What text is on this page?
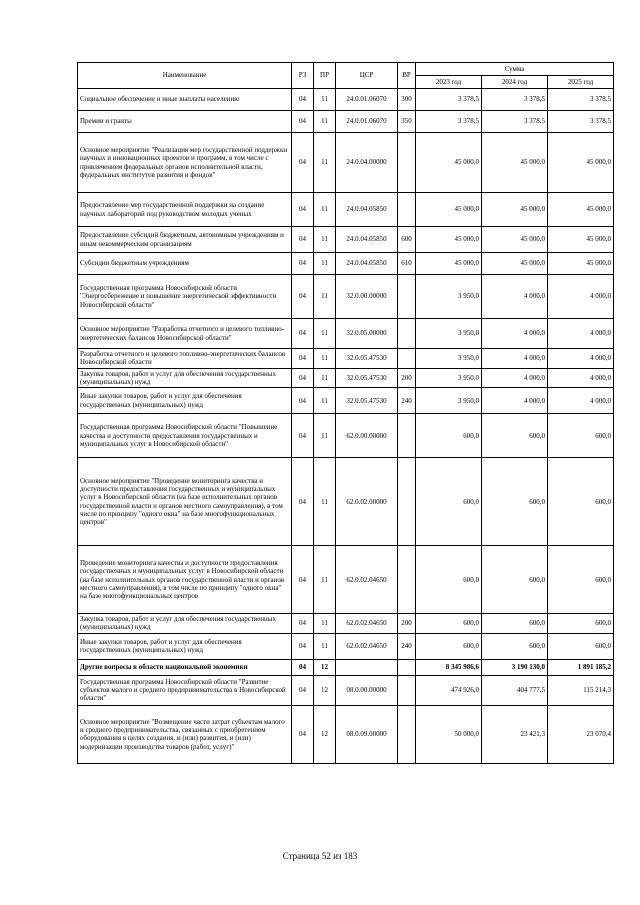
Наименование	РЗ	ПР	ЦСР	ВР	Сумма		
					2023 год	2024 год	2025 год
Социальное обеспечение и иные выплаты населению	04	11	24.0.01.06070	300	3 378,5	3 378,5	3 378,5
Премии и гранты	04	11	24.0.01.06070	350	3 378,5	3 378,5	3 378,5
Основное мероприятие "Реализация мер государственной поддержки научных и инновационных проектов и программ, в том числе с привлечением федеральных органов исполнительной власти, федеральных институтов развития и фондов"	04	11	24.0.04.00000		45 000,0	45 000,0	45 000,0
Предоставление мер государственной поддержки на создание научных лабораторий под руководством молодых ученых	04	11	24.0.04.05850		45 000,0	45 000,0	45 000,0
Предоставление субсидий бюджетным, автономным учреждениям и иным некоммерческим организациям	04	11	24.0.04.05850	600	45 000,0	45 000,0	45 000,0
Субсидии бюджетным учреждениям	04	11	24.0.04.05850	610	45 000,0	45 000,0	45 000,0
Государственная программа Новосибирской области "Энергосбережение и повышение энергетической эффективности Новосибирской области"	04	11	32.0.00.00000		3 950,0	4 000,0	4 000,0
Основное мероприятие "Разработка отчетного и целевого топливно-энергетических балансов Новосибирской области"	04	11	32.0.05.00000		3 950,0	4 000,0	4 000,0
Разработка отчетного и целевого топливно-энергетических балансов Новосибирской области	04	11	32.0.05.47530		3 950,0	4 000,0	4 000,0
Закупка товаров, работ и услуг для обеспечения государственных (муниципальных) нужд	04	11	32.0.05.47530	200	3 950,0	4 000,0	4 000,0
Иные закупки товаров, работ и услуг для обеспечения государственных (муниципальных) нужд	04	11	32.0.05.47530	240	3 950,0	4 000,0	4 000,0
Государственная программа Новосибирской области "Повышение качества и доступности предоставления государственных и муниципальных услуг в Новосибирской области"	04	11	62.0.00.00000		600,0	600,0	600,0
Основное мероприятие "Проведение мониторинга качества и доступности предоставления государственных и муниципальных услуг в Новосибирской области (на базе исполнительных органов государственной власти и органов местного самоуправления), в том числе по принципу "одного окна" на базе многофункциональных центров"	04	11	62.0.02.00000		600,0	600,0	600,0
Проведение мониторинга качества и доступности предоставления государственных и муниципальных услуг в Новосибирской области (на базе исполнительных органов государственной власти и органов местного самоуправления), в том числе по принципу "одного окна" на базе многофункциональных центров	04	11	62.0.02.04650		600,0	600,0	600,0
Закупка товаров, работ и услуг для обеспечения государственных (муниципальных) нужд	04	11	62.0.02.04650	200	600,0	600,0	600,0
Иные закупки товаров, работ и услуг для обеспечения государственных (муниципальных) нужд	04	11	62.0.02.04650	240	600,0	600,0	600,0
Другие вопросы в области национальной экономики	04	12			8 345 986,6	3 190 130,0	1 891 185,2
Государственная программа Новосибирской области "Развитие субъектов малого и среднего предпринимательства в Новосибирской области"	04	12	08.0.00.00000		474 926,0	404 777,5	115 214,3
Основное мероприятие "Возмещение части затрат субъектам малого и среднего предпринимательства, связанных с приобретением оборудования в целях создания, и (или) развития, и (или) модернизации производства товаров (работ, услуг)"	04	12	08.0.09.00000		50 000,0	23 421,3	23 070,4
Страница 52 из 183
